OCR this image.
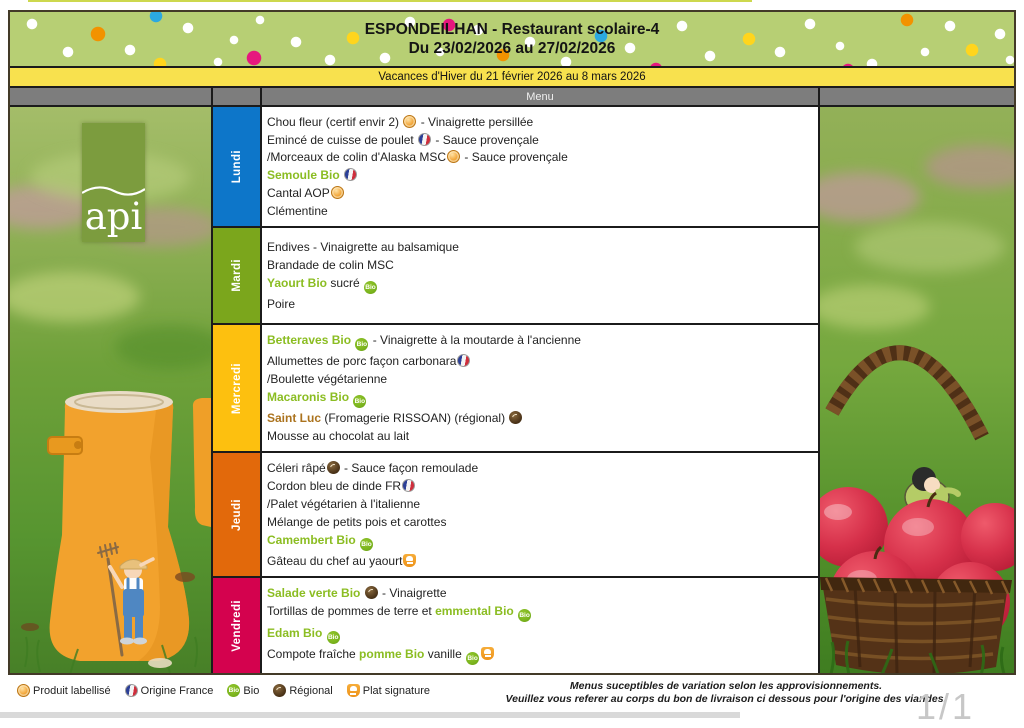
ESPONDEILHAN - Restaurant scolaire-4
Du 23/02/2026 au 27/02/2026
Vacances d'Hiver du 21 février 2026 au 8 mars 2026
Menu
api
Lundi
Chou fleur (certif envir 2)  - Vinaigrette persillée
Emincé de cuisse de poulet  - Sauce provençale
/Morceaux de colin d'Alaska MSC - Sauce provençale
Semoule Bio
Cantal AOP
Clémentine
Mardi
Endives - Vinaigrette au balsamique
Brandade de colin MSC
Yaourt Bio sucré Bio
Poire
Mercredi
Betteraves Bio Bio - Vinaigrette à la moutarde à l'ancienne
Allumettes de porc façon carbonara
/Boulette végétarienne
Macaronis Bio Bio
Saint Luc (Fromagerie RISSOAN) (régional)
Mousse au chocolat au lait
Jeudi
Céleri râpé - Sauce façon remoulade
Cordon bleu de dinde FR
/Palet végétarien à l'italienne
Mélange de petits pois et carottes
Camembert Bio Bio
Gâteau du chef au yaourt
Vendredi
Salade verte Bio  - Vinaigrette
Tortillas de pommes de terre et emmental Bio Bio
Edam Bio Bio
Compote fraîche pomme Bio vanille Bio
Produit labellisé	Origine France Bio Bio	Régional	Plat signature	Menus suceptibles de variation selon les approvisionnements.
Veuillez vous referer au corps du bon de livraison ci dessous pour l'origine des viandes.
1/1
